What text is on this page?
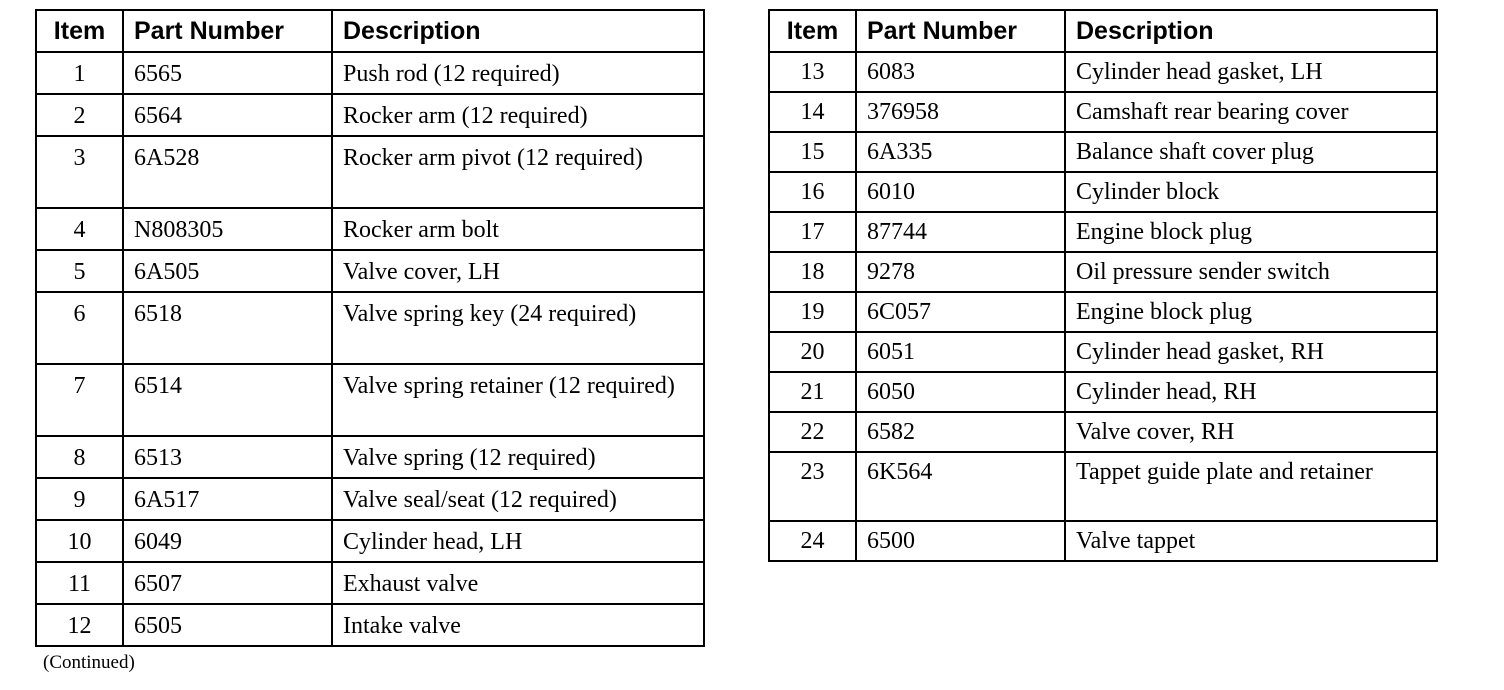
Item	Part Number	Description
1	6565	Push rod (12 required)
2	6564	Rocker arm (12 required)
3	6A528	Rocker arm pivot (12 required)
4	N808305	Rocker arm bolt
5	6A505	Valve cover, LH
6	6518	Valve spring key (24 required)
7	6514	Valve spring retainer (12 required)
8	6513	Valve spring (12 required)
9	6A517	Valve seal/seat (12 required)
10	6049	Cylinder head, LH
11	6507	Exhaust valve
12	6505	Intake valve
Item	Part Number	Description
13	6083	Cylinder head gasket, LH
14	376958	Camshaft rear bearing cover
15	6A335	Balance shaft cover plug
16	6010	Cylinder block
17	87744	Engine block plug
18	9278	Oil pressure sender switch
19	6C057	Engine block plug
20	6051	Cylinder head gasket, RH
21	6050	Cylinder head, RH
22	6582	Valve cover, RH
23	6K564	Tappet guide plate and retainer
24	6500	Valve tappet
(Continued)
